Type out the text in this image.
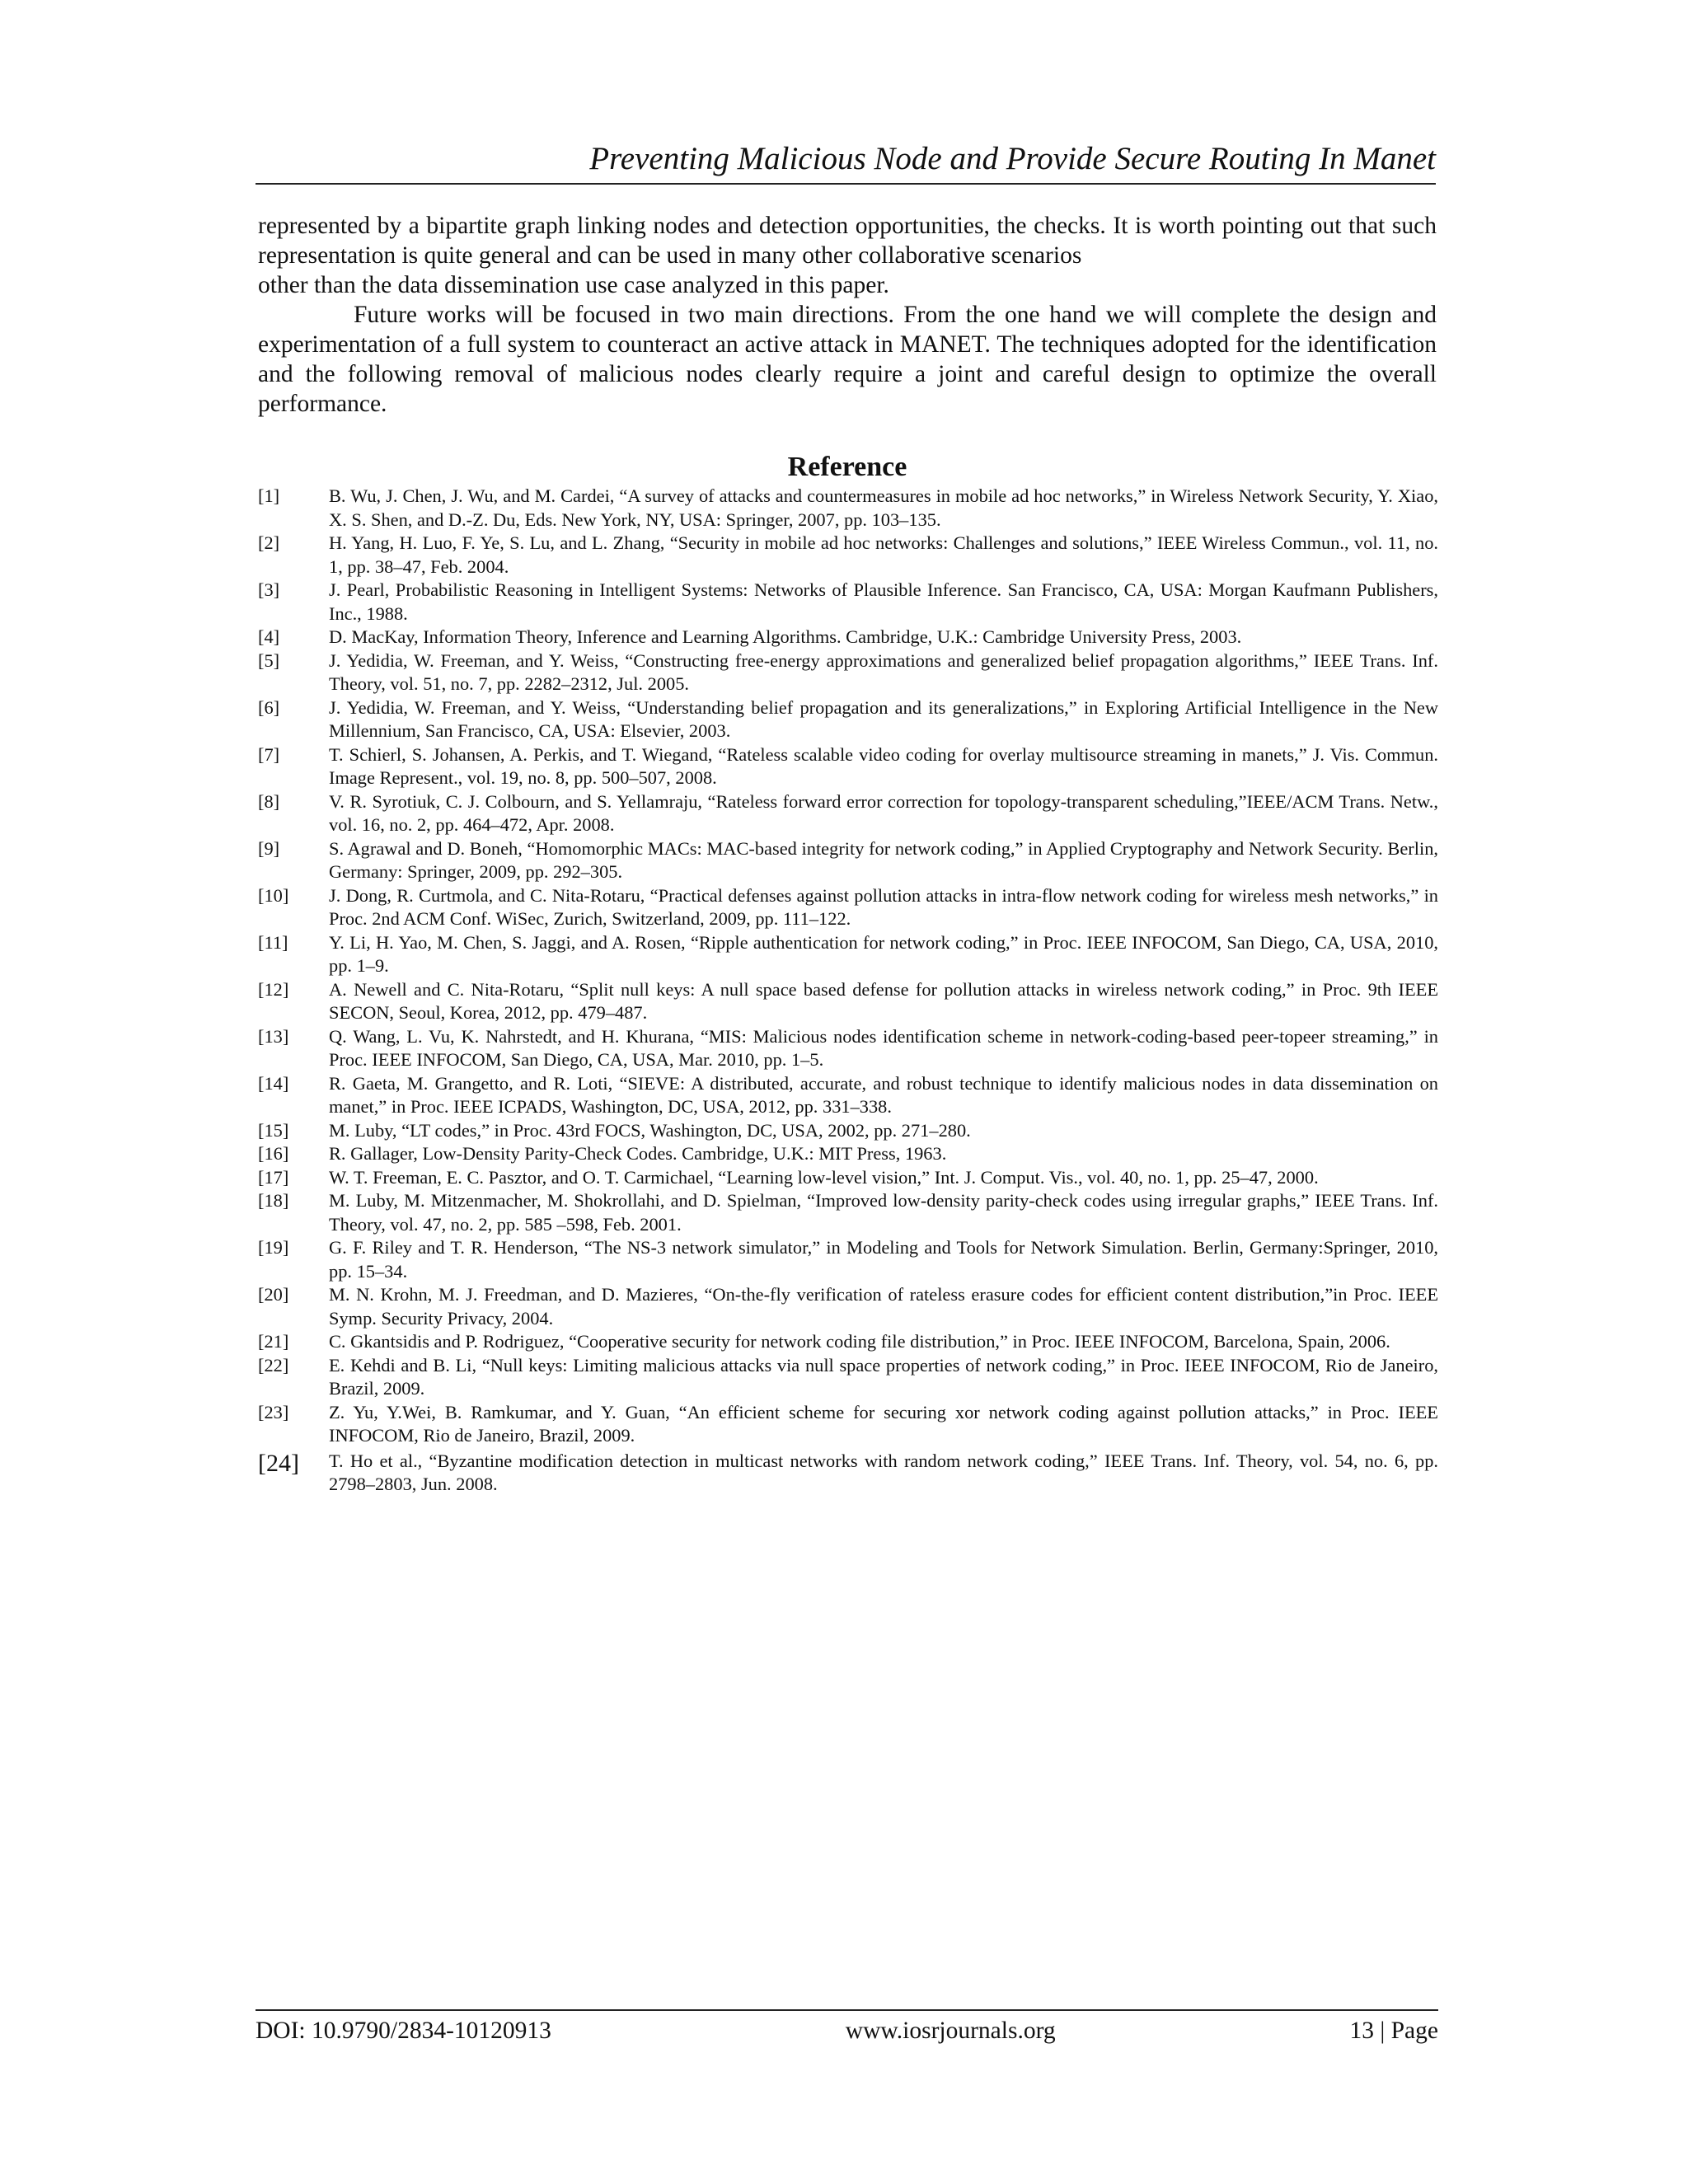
Preventing Malicious Node and Provide Secure Routing In Manet

represented by a bipartite graph linking nodes and detection opportunities, the checks. It is worth pointing out that such representation is quite general and can be used in many other collaborative scenarios
other than the data dissemination use case analyzed in this paper.

Future works will be focused in two main directions. From the one hand we will complete the design and experimentation of a full system to counteract an active attack in MANET. The techniques adopted for the identification and the following removal of malicious nodes clearly require a joint and careful design to optimize the overall performance.

Reference
[1]	B. Wu, J. Chen, J. Wu, and M. Cardei, “A survey of attacks and countermeasures in mobile ad hoc networks,” in Wireless Network Security, Y. Xiao, X. S. Shen, and D.-Z. Du, Eds. New York, NY, USA: Springer, 2007, pp. 103–135.
[2]	H. Yang, H. Luo, F. Ye, S. Lu, and L. Zhang, “Security in mobile ad hoc networks: Challenges and solutions,” IEEE Wireless Commun., vol. 11, no. 1, pp. 38–47, Feb. 2004.
[3]	J. Pearl, Probabilistic Reasoning in Intelligent Systems: Networks of Plausible Inference. San Francisco, CA, USA: Morgan Kaufmann Publishers, Inc., 1988.
[4]	D. MacKay, Information Theory, Inference and Learning Algorithms. Cambridge, U.K.: Cambridge University Press, 2003.
[5]	J. Yedidia, W. Freeman, and Y. Weiss, “Constructing free-energy approximations and generalized belief propagation algorithms,” IEEE Trans. Inf. Theory, vol. 51, no. 7, pp. 2282–2312, Jul. 2005.
[6]	J. Yedidia, W. Freeman, and Y. Weiss, “Understanding belief propagation and its generalizations,” in Exploring Artificial Intelligence in the New Millennium, San Francisco, CA, USA: Elsevier, 2003.
[7]	T. Schierl, S. Johansen, A. Perkis, and T. Wiegand, “Rateless scalable video coding for overlay multisource streaming in manets,” J. Vis. Commun. Image Represent., vol. 19, no. 8, pp. 500–507, 2008.
[8]	V. R. Syrotiuk, C. J. Colbourn, and S. Yellamraju, “Rateless forward error correction for topology-transparent scheduling,”IEEE/ACM Trans. Netw., vol. 16, no. 2, pp. 464–472, Apr. 2008.
[9]	S. Agrawal and D. Boneh, “Homomorphic MACs: MAC-based integrity for network coding,” in Applied Cryptography and Network Security. Berlin, Germany: Springer, 2009, pp. 292–305.
[10]	J. Dong, R. Curtmola, and C. Nita-Rotaru, “Practical defenses against pollution attacks in intra-flow network coding for wireless mesh networks,” in Proc. 2nd ACM Conf. WiSec, Zurich, Switzerland, 2009, pp. 111–122.
[11]	Y. Li, H. Yao, M. Chen, S. Jaggi, and A. Rosen, “Ripple authentication for network coding,” in Proc. IEEE INFOCOM, San Diego, CA, USA, 2010, pp. 1–9.
[12]	A. Newell and C. Nita-Rotaru, “Split null keys: A null space based defense for pollution attacks in wireless network coding,” in Proc. 9th IEEE SECON, Seoul, Korea, 2012, pp. 479–487.
[13]	Q. Wang, L. Vu, K. Nahrstedt, and H. Khurana, “MIS: Malicious nodes identification scheme in network-coding-based peer-topeer streaming,” in Proc. IEEE INFOCOM, San Diego, CA, USA, Mar. 2010, pp. 1–5.
[14]	R. Gaeta, M. Grangetto, and R. Loti, “SIEVE: A distributed, accurate, and robust technique to identify malicious nodes in data dissemination on manet,” in Proc. IEEE ICPADS, Washington, DC, USA, 2012, pp. 331–338.
[15]	M. Luby, “LT codes,” in Proc. 43rd FOCS, Washington, DC, USA, 2002, pp. 271–280.
[16]	R. Gallager, Low-Density Parity-Check Codes. Cambridge, U.K.: MIT Press, 1963.
[17]	W. T. Freeman, E. C. Pasztor, and O. T. Carmichael, “Learning low-level vision,” Int. J. Comput. Vis., vol. 40, no. 1, pp. 25–47, 2000.
[18]	M. Luby, M. Mitzenmacher, M. Shokrollahi, and D. Spielman, “Improved low-density parity-check codes using irregular graphs,” IEEE Trans. Inf. Theory, vol. 47, no. 2, pp. 585 –598, Feb. 2001.
[19]	G. F. Riley and T. R. Henderson, “The NS-3 network simulator,” in Modeling and Tools for Network Simulation. Berlin, Germany:Springer, 2010, pp. 15–34.
[20]	M. N. Krohn, M. J. Freedman, and D. Mazieres, “On-the-fly verification of rateless erasure codes for efficient content distribution,”in Proc. IEEE Symp. Security Privacy, 2004.
[21]	C. Gkantsidis and P. Rodriguez, “Cooperative security for network coding file distribution,” in Proc. IEEE INFOCOM, Barcelona, Spain, 2006.
[22]	E. Kehdi and B. Li, “Null keys: Limiting malicious attacks via null space properties of network coding,” in Proc. IEEE INFOCOM, Rio de Janeiro, Brazil, 2009.
[23]	Z. Yu, Y.Wei, B. Ramkumar, and Y. Guan, “An efficient scheme for securing xor network coding against pollution attacks,” in Proc. IEEE INFOCOM, Rio de Janeiro, Brazil, 2009.
[24]	T. Ho et al., “Byzantine modification detection in multicast networks with random network coding,” IEEE Trans. Inf. Theory, vol. 54, no. 6, pp. 2798–2803, Jun. 2008.
DOI: 10.9790/2834-10120913	www.iosrjournals.org	13 | Page
